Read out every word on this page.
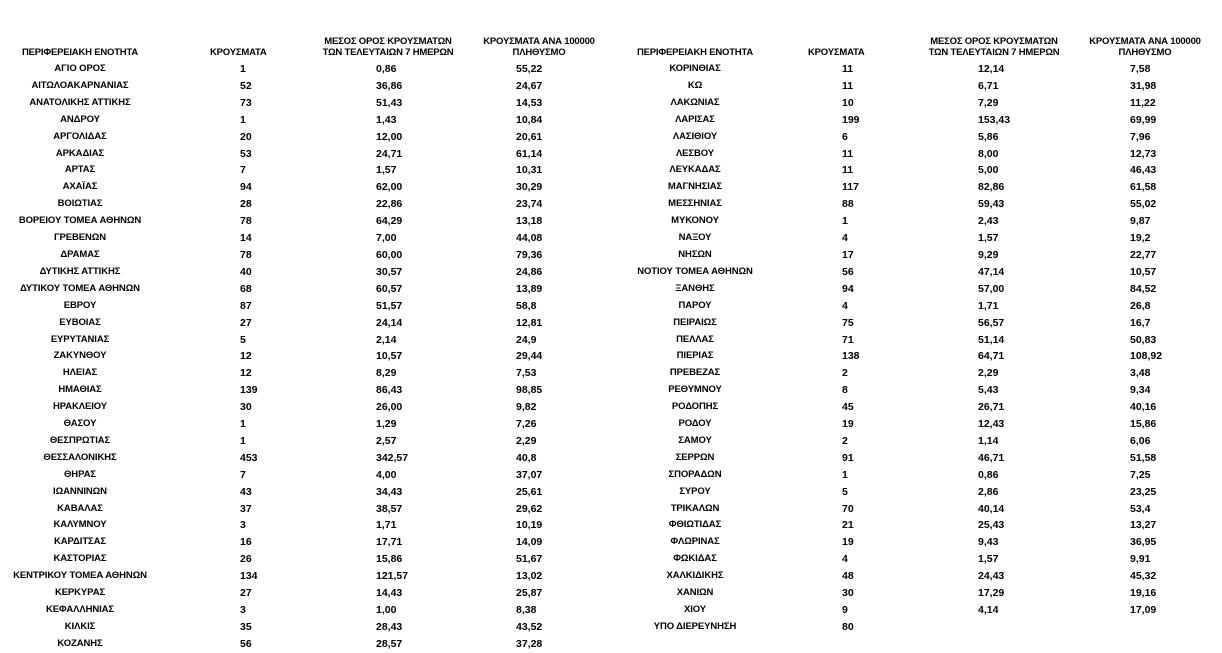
ΠΕΡΙΦΕΡΕΙΑΚΗ ΕΝΟΤΗΤΑ	ΚΡΟΥΣΜΑΤΑ	ΜΕΣΟΣ ΟΡΟΣ ΚΡΟΥΣΜΑΤΩΝ ΤΩΝ ΤΕΛΕΥΤΑΙΩΝ 7 ΗΜΕΡΩΝ	ΚΡΟΥΣΜΑΤΑ ΑΝΑ 100000 ΠΛΗΘΥΣΜΟ
ΑΓΙΟ ΟΡΟΣ	1	0,86	55,22
ΑΙΤΩΛΟΑΚΑΡΝΑΝΙΑΣ	52	36,86	24,67
ΑΝΑΤΟΛΙΚΗΣ ΑΤΤΙΚΗΣ	73	51,43	14,53
ΑΝΔΡΟΥ	1	1,43	10,84
ΑΡΓΟΛΙΔΑΣ	20	12,00	20,61
ΑΡΚΑΔΙΑΣ	53	24,71	61,14
ΑΡΤΑΣ	7	1,57	10,31
ΑΧΑΪΑΣ	94	62,00	30,29
ΒΟΙΩΤΙΑΣ	28	22,86	23,74
ΒΟΡΕΙΟΥ ΤΟΜΕΑ ΑΘΗΝΩΝ	78	64,29	13,18
ΓΡΕΒΕΝΩΝ	14	7,00	44,08
ΔΡΑΜΑΣ	78	60,00	79,36
ΔΥΤΙΚΗΣ ΑΤΤΙΚΗΣ	40	30,57	24,86
ΔΥΤΙΚΟΥ ΤΟΜΕΑ ΑΘΗΝΩΝ	68	60,57	13,89
ΕΒΡΟΥ	87	51,57	58,8
ΕΥΒΟΙΑΣ	27	24,14	12,81
ΕΥΡΥΤΑΝΙΑΣ	5	2,14	24,9
ΖΑΚΥΝΘΟΥ	12	10,57	29,44
ΗΛΕΙΑΣ	12	8,29	7,53
ΗΜΑΘΙΑΣ	139	86,43	98,85
ΗΡΑΚΛΕΙΟΥ	30	26,00	9,82
ΘΑΣΟΥ	1	1,29	7,26
ΘΕΣΠΡΩΤΙΑΣ	1	2,57	2,29
ΘΕΣΣΑΛΟΝΙΚΗΣ	453	342,57	40,8
ΘΗΡΑΣ	7	4,00	37,07
ΙΩΑΝΝΙΝΩΝ	43	34,43	25,61
ΚΑΒΑΛΑΣ	37	38,57	29,62
ΚΑΛΥΜΝΟΥ	3	1,71	10,19
ΚΑΡΔΙΤΣΑΣ	16	17,71	14,09
ΚΑΣΤΟΡΙΑΣ	26	15,86	51,67
ΚΕΝΤΡΙΚΟΥ ΤΟΜΕΑ ΑΘΗΝΩΝ	134	121,57	13,02
ΚΕΡΚΥΡΑΣ	27	14,43	25,87
ΚΕΦΑΛΛΗΝΙΑΣ	3	1,00	8,38
ΚΙΛΚΙΣ	35	28,43	43,52
ΚΟΖΑΝΗΣ	56	28,57	37,28
ΠΕΡΙΦΕΡΕΙΑΚΗ ΕΝΟΤΗΤΑ	ΚΡΟΥΣΜΑΤΑ	ΜΕΣΟΣ ΟΡΟΣ ΚΡΟΥΣΜΑΤΩΝ ΤΩΝ ΤΕΛΕΥΤΑΙΩΝ 7 ΗΜΕΡΩΝ	ΚΡΟΥΣΜΑΤΑ ΑΝΑ 100000 ΠΛΗΘΥΣΜΟ
ΚΟΡΙΝΘΙΑΣ	11	12,14	7,58
ΚΩ	11	6,71	31,98
ΛΑΚΩΝΙΑΣ	10	7,29	11,22
ΛΑΡΙΣΑΣ	199	153,43	69,99
ΛΑΣΙΘΙΟΥ	6	5,86	7,96
ΛΕΣΒΟΥ	11	8,00	12,73
ΛΕΥΚΑΔΑΣ	11	5,00	46,43
ΜΑΓΝΗΣΙΑΣ	117	82,86	61,58
ΜΕΣΣΗΝΙΑΣ	88	59,43	55,02
ΜΥΚΟΝΟΥ	1	2,43	9,87
ΝΑΞΟΥ	4	1,57	19,2
ΝΗΣΩΝ	17	9,29	22,77
ΝΟΤΙΟΥ ΤΟΜΕΑ ΑΘΗΝΩΝ	56	47,14	10,57
ΞΑΝΘΗΣ	94	57,00	84,52
ΠΑΡΟΥ	4	1,71	26,8
ΠΕΙΡΑΙΩΣ	75	56,57	16,7
ΠΕΛΛΑΣ	71	51,14	50,83
ΠΙΕΡΙΑΣ	138	64,71	108,92
ΠΡΕΒΕΖΑΣ	2	2,29	3,48
ΡΕΘΥΜΝΟΥ	8	5,43	9,34
ΡΟΔΟΠΗΣ	45	26,71	40,16
ΡΟΔΟΥ	19	12,43	15,86
ΣΑΜΟΥ	2	1,14	6,06
ΣΕΡΡΩΝ	91	46,71	51,58
ΣΠΟΡΑΔΩΝ	1	0,86	7,25
ΣΥΡΟΥ	5	2,86	23,25
ΤΡΙΚΑΛΩΝ	70	40,14	53,4
ΦΘΙΩΤΙΔΑΣ	21	25,43	13,27
ΦΛΩΡΙΝΑΣ	19	9,43	36,95
ΦΩΚΙΔΑΣ	4	1,57	9,91
ΧΑΛΚΙΔΙΚΗΣ	48	24,43	45,32
ΧΑΝΙΩΝ	30	17,29	19,16
ΧΙΟΥ	9	4,14	17,09
ΥΠΟ ΔΙΕΡΕΥΝΗΣΗ	80		
